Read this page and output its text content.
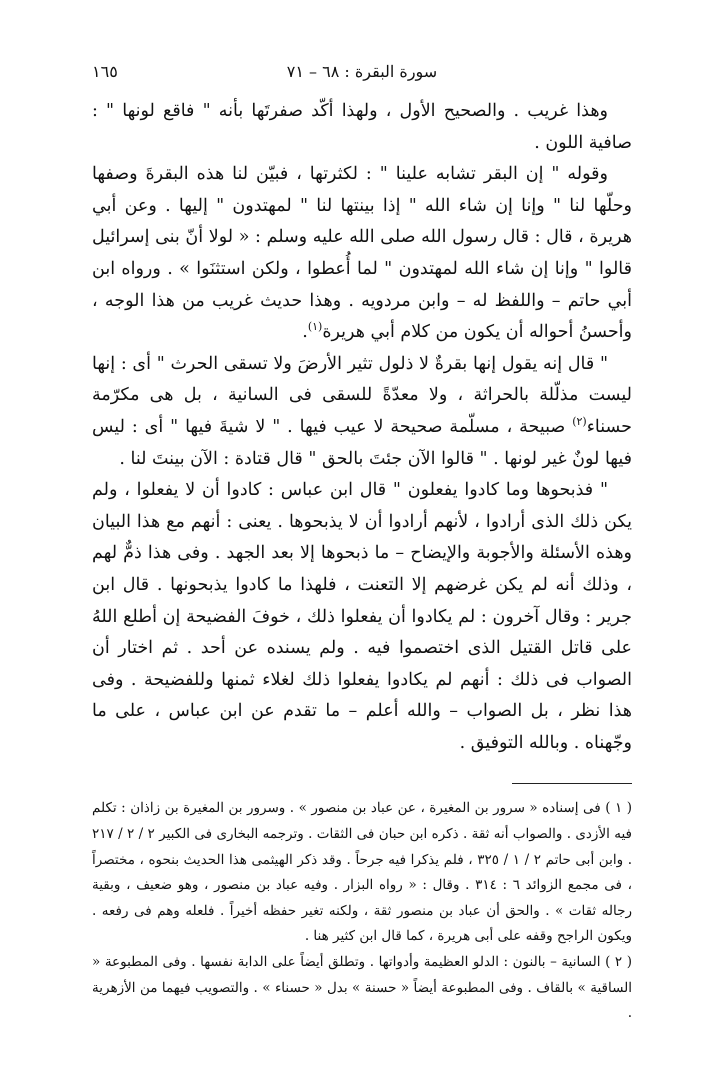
١٦٥	سورة البقرة : ٦٨ – ٧١

وهذا غريب . والصحيح الأول ، ولهذا أكّد صفرتَها بأنه " فاقع لونها " : صافية اللون .

وقوله " إن البقر تشابه علينا " : لكثرتها ، فبيّن لنا هذه البقرةَ وصفها وحلّها لنا " وإنا إن شاء الله " إذا بينتها لنا " لمهتدون " إليها . وعن أبي هريرة ، قال : قال رسول الله صلى الله عليه وسلم : « لولا أنّ بنى إسرائيل قالوا " وإنا إن شاء الله لمهتدون " لما أُعطوا ، ولكن استثنَوا » . ورواه ابن أبي حاتم – واللفظ له – وابن مردويه . وهذا حديث غريب من هذا الوجه ، وأحسنُ أحواله أن يكون من كلام أبي هريرة$^{(١)}$.

" قال إنه يقول إنها بقرةٌ لا ذلول تثير الأرضَ ولا تسقى الحرث " أى : إنها ليست مذلّلة بالحراثة ، ولا معدّةً للسقى فى السانية ، بل هى مكرّمة حسناء$^{(٢)}$ صبيحة ، مسلّمة صحيحة لا عيب فيها . " لا شيةَ فيها " أى : ليس فيها لونٌ غير لونها . " قالوا الآن جئتَ بالحق " قال قتادة : الآن بينتَ لنا .

" فذبحوها وما كادوا يفعلون " قال ابن عباس : كادوا أن لا يفعلوا ، ولم يكن ذلك الذى أرادوا ، لأنهم أرادوا أن لا يذبحوها . يعنى : أنهم مع هذا البيان وهذه الأسئلة والأجوبة والإيضاح – ما ذبحوها إلا بعد الجهد . وفى هذا ذمٌّ لهم ، وذلك أنه لم يكن غرضهم إلا التعنت ، فلهذا ما كادوا يذبحونها . قال ابن جرير : وقال آخرون : لم يكادوا أن يفعلوا ذلك ، خوفَ الفضيحة إن أطلع اللهُ على قاتل القتيل الذى اختصموا فيه . ولم يسنده عن أحد . ثم اختار أن الصواب فى ذلك : أنهم لم يكادوا يفعلوا ذلك لغلاء ثمنها وللفضيحة . وفى هذا نظر ، بل الصواب – والله أعلم – ما تقدم عن ابن عباس ، على ما وجّهناه . وبالله التوفيق .

( ١ ) فى إسناده « سرور بن المغيرة ، عن عباد بن منصور » . وسرور بن المغيرة بن زاذان : تكلم فيه الأزدى . والصواب أنه ثقة . ذكره ابن حبان فى الثقات . وترجمه البخارى فى الكبير ٢ / ٢ / ٢١٧ . وابن أبى حاتم ٢ / ١ / ٣٢٥ ، فلم يذكرا فيه جرحاً . وقد ذكر الهيثمى هذا الحديث بنحوه ، مختصراً ، فى مجمع الزوائد ٦ : ٣١٤ . وقال : « رواه البزار . وفيه عباد بن منصور ، وهو ضعيف ، وبقية رجاله ثقات » . والحق أن عباد بن منصور ثقة ، ولكنه تغير حفظه أخيراً . فلعله وهم فى رفعه . ويكون الراجح وقفه على أبى هريرة ، كما قال ابن كثير هنا .

( ٢ ) السانية – بالنون : الدلو العظيمة وأدواتها . وتطلق أيضاً على الدابة نفسها . وفى المطبوعة « الساقية » بالقاف . وفى المطبوعة أيضاً « حسنة » بدل « حسناء » . والتصويب فيهما من الأزهرية .
